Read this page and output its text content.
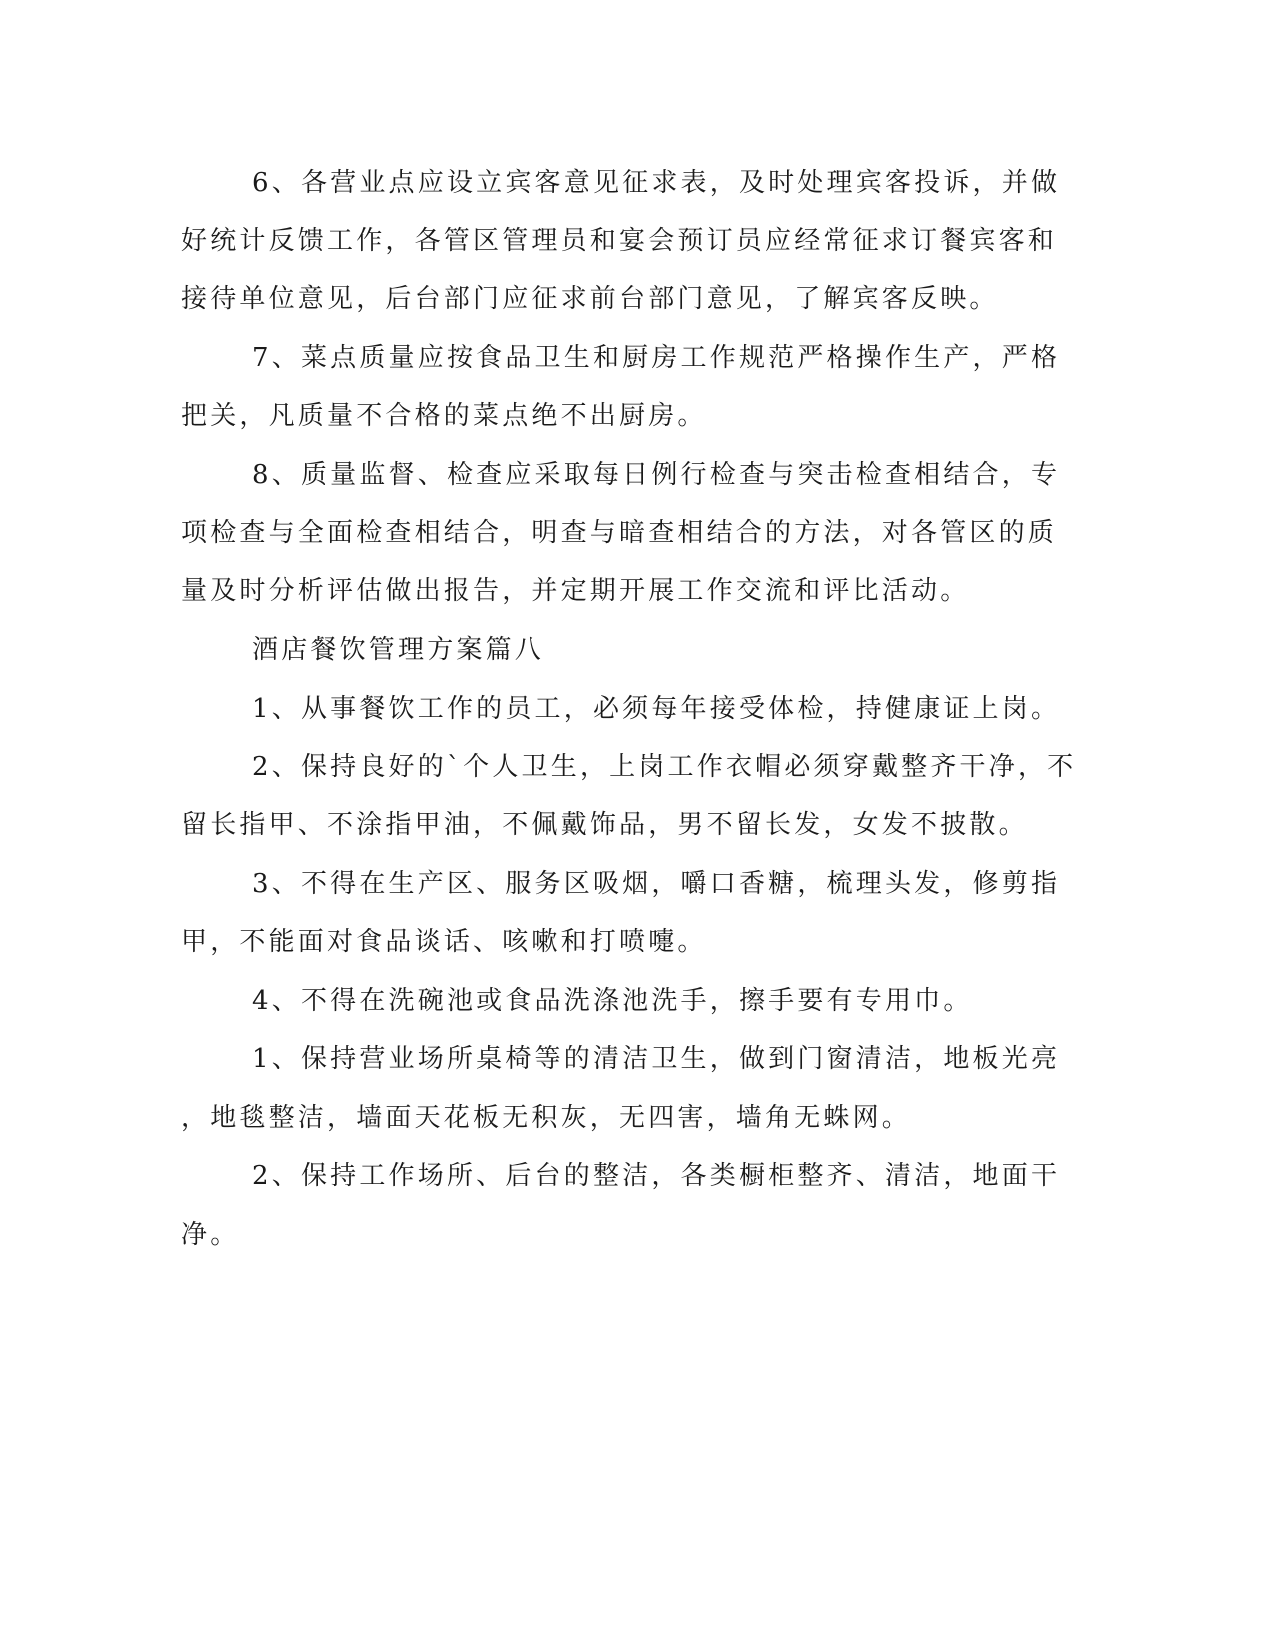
6、各营业点应设立宾客意见征求表，及时处理宾客投诉，并做
好统计反馈工作，各管区管理员和宴会预订员应经常征求订餐宾客和
接待单位意见，后台部门应征求前台部门意见，了解宾客反映。
7、菜点质量应按食品卫生和厨房工作规范严格操作生产，严格
把关，凡质量不合格的菜点绝不出厨房。
8、质量监督、检查应采取每日例行检查与突击检查相结合，专
项检查与全面检查相结合，明查与暗查相结合的方法，对各管区的质
量及时分析评估做出报告，并定期开展工作交流和评比活动。
酒店餐饮管理方案篇八
1、从事餐饮工作的员工，必须每年接受体检，持健康证上岗。
2、保持良好的`个人卫生，上岗工作衣帽必须穿戴整齐干净，不
留长指甲、不涂指甲油，不佩戴饰品，男不留长发，女发不披散。
3、不得在生产区、服务区吸烟，嚼口香糖，梳理头发，修剪指
甲，不能面对食品谈话、咳嗽和打喷嚏。
4、不得在洗碗池或食品洗涤池洗手，擦手要有专用巾。
1、保持营业场所桌椅等的清洁卫生，做到门窗清洁，地板光亮
，地毯整洁，墙面天花板无积灰，无四害，墙角无蛛网。
2、保持工作场所、后台的整洁，各类橱柜整齐、清洁，地面干
净。
